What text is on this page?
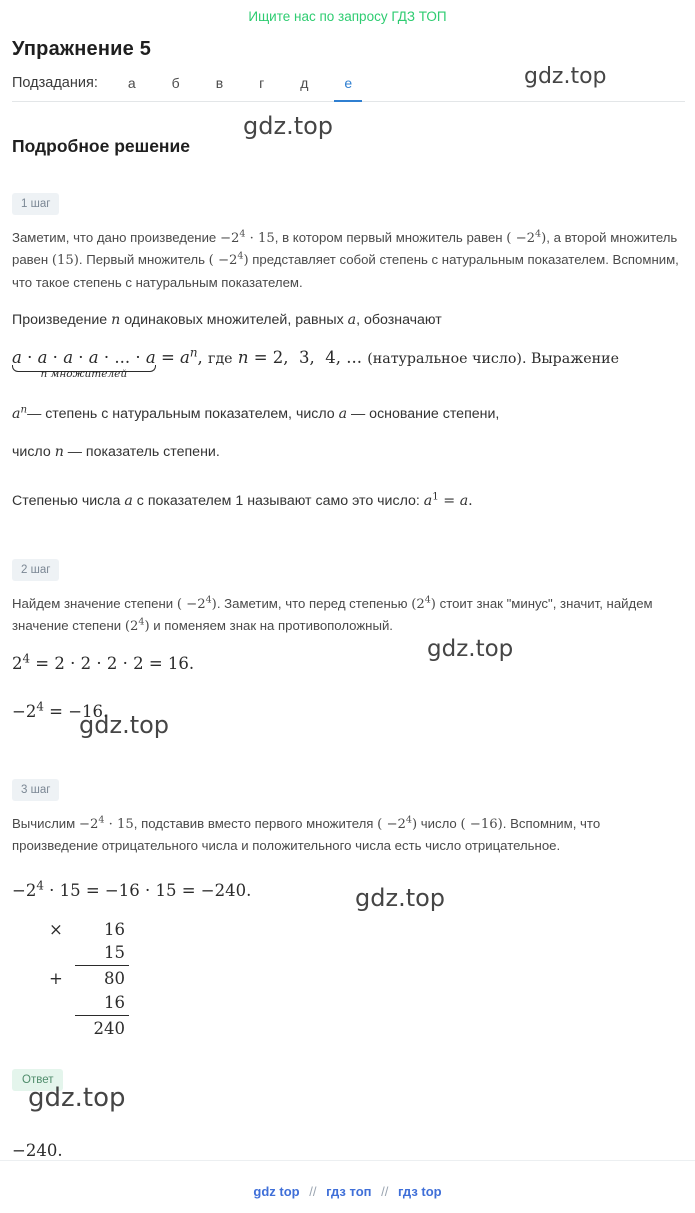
Ищите нас по запросу ГДЗ ТОП
Упражнение 5
Подзадания:	а	б	в	г	д	е
Подробное решение
1 шаг

Заметим, что дано произведение $-2^4 \cdot 15$, в котором первый множитель равен ( $-2^4$), а второй множитель равен (15). Первый множитель ( $-2^4$) представляет собой степень с натуральным показателем. Вспомним, что такое степень с натуральным показателем.

Произведение n одинаковых множителей, равных a, обозначают

a · a · a · a · ... · a
n множителей
= $a^n$, где n = 2,  3,  4, ... (натуральное число). Выражение

$a^n—$ степень с натуральным показателем, число a — основание степени,

число n — показатель степени.

Степенью числа a с показателем 1 называют само это число: $a^1 = a$.

2 шаг

Найдем значение степени ( $-2^4$). Заметим, что перед степенью $(2^4)$ стоит знак "минус", значит, найдем значение степени $(2^4)$ и поменяем знак на противоположный.

$2^4 = 2 \cdot 2 \cdot 2 \cdot 2 = 16$.

$-2^4 = -16$.

3 шаг

Вычислим $-2^4 \cdot 15$, подставив вместо первого множителя ( $-2^4$) число ( −16). Вспомним, что произведение отрицательного числа и положительного числа есть число отрицательное.

$-2^4 \cdot 15 = -16 \cdot 15 = -240$.

×	16
15
+	80
16
240
Ответ
−240.
gdz.top
gdz.top
gdz.top
gdz.top
gdz.top
gdz.top
gdz top // гдз топ // гдз top
